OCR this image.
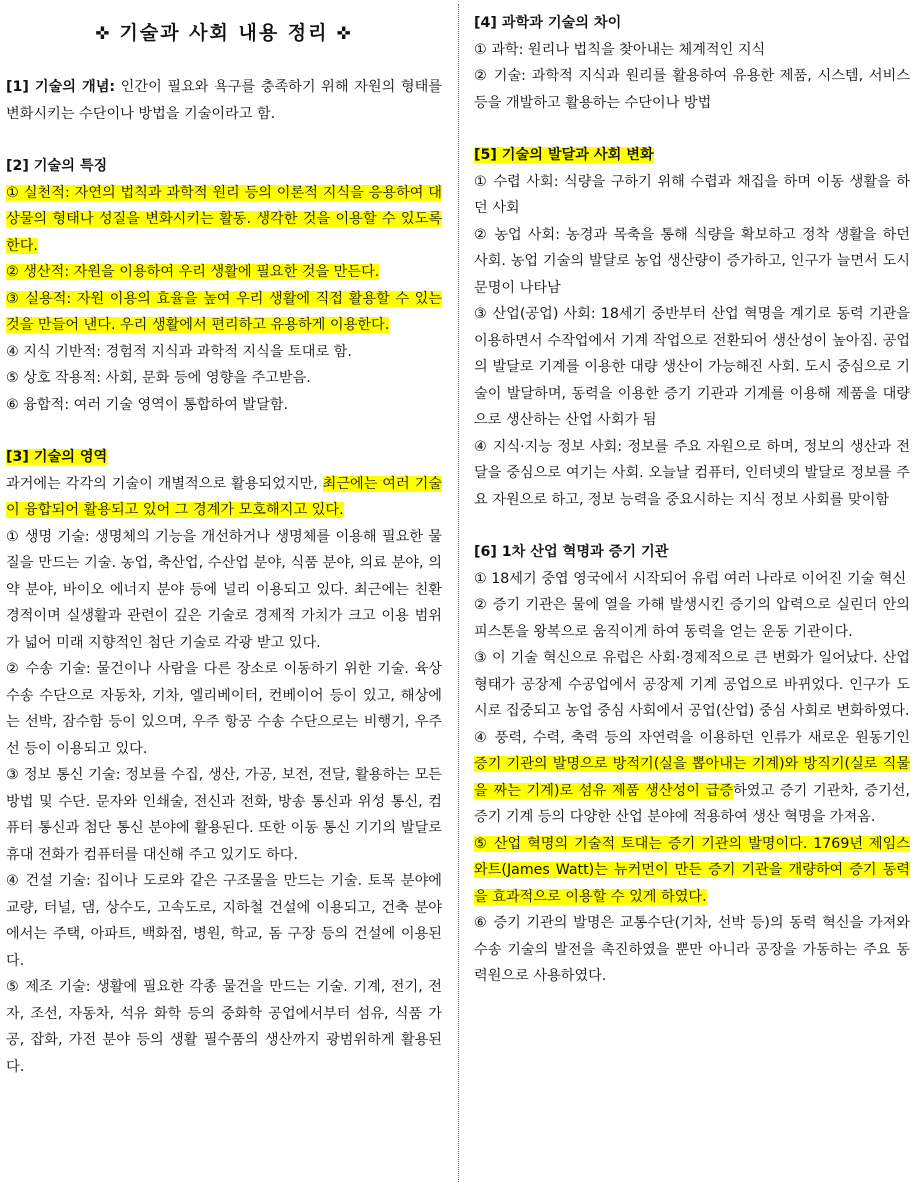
✜ 기술과 사회 내용 정리 ✜

[1] 기술의 개념: 인간이 필요와 욕구를 충족하기 위해 자원의 형태를 변화시키는 수단이나 방법을 기술이라고 함.

[2] 기술의 특징

① 실천적: 자연의 법칙과 과학적 원리 등의 이론적 지식을 응용하여 대상물의 형태나 성질을 변화시키는 활동. 생각한 것을 이용할 수 있도록 한다.

② 생산적: 자원을 이용하여 우리 생활에 필요한 것을 만든다.

③ 실용적: 자원 이용의 효율을 높여 우리 생활에 직접 활용할 수 있는 것을 만들어 낸다. 우리 생활에서 편리하고 유용하게 이용한다.

④ 지식 기반적: 경험적 지식과 과학적 지식을 토대로 함.

⑤ 상호 작용적: 사회, 문화 등에 영향을 주고받음.

⑥ 융합적: 여러 기술 영역이 통합하여 발달함.

[3] 기술의 영역

과거에는 각각의 기술이 개별적으로 활용되었지만, 최근에는 여러 기술이 융합되어 활용되고 있어 그 경계가 모호해지고 있다.

① 생명 기술: 생명체의 기능을 개선하거나 생명체를 이용해 필요한 물질을 만드는 기술. 농업, 축산업, 수산업 분야, 식품 분야, 의료 분야, 의약 분야, 바이오 에너지 분야 등에 널리 이용되고 있다. 최근에는 친환경적이며 실생활과 관련이 깊은 기술로 경제적 가치가 크고 이용 범위가 넓어 미래 지향적인 첨단 기술로 각광 받고 있다.

② 수송 기술: 물건이나 사람을 다른 장소로 이동하기 위한 기술. 육상 수송 수단으로 자동차, 기차, 엘리베이터, 컨베이어 등이 있고, 해상에는 선박, 잠수함 등이 있으며, 우주 항공 수송 수단으로는 비행기, 우주선 등이 이용되고 있다.

③ 정보 통신 기술: 정보를 수집, 생산, 가공, 보전, 전달, 활용하는 모든 방법 및 수단. 문자와 인쇄술, 전신과 전화, 방송 통신과 위성 통신, 컴퓨터 통신과 첨단 통신 분야에 활용된다. 또한 이동 통신 기기의 발달로 휴대 전화가 컴퓨터를 대신해 주고 있기도 하다.

④ 건설 기술: 집이나 도로와 같은 구조물을 만드는 기술. 토목 분야에 교량, 터널, 댐, 상수도, 고속도로, 지하철 건설에 이용되고, 건축 분야에서는 주택, 아파트, 백화점, 병원, 학교, 돔 구장 등의 건설에 이용된다.

⑤ 제조 기술: 생활에 필요한 각종 물건을 만드는 기술. 기계, 전기, 전자, 조선, 자동차, 석유 화학 등의 중화학 공업에서부터 섬유, 식품 가공, 잡화, 가전 분야 등의 생활 필수품의 생산까지 광범위하게 활용된다.

[4] 과학과 기술의 차이

① 과학: 원리나 법칙을 찾아내는 체계적인 지식

② 기술: 과학적 지식과 원리를 활용하여 유용한 제품, 시스템, 서비스 등을 개발하고 활용하는 수단이나 방법

[5] 기술의 발달과 사회 변화

① 수렵 사회: 식량을 구하기 위해 수렵과 채집을 하며 이동 생활을 하던 사회

② 농업 사회: 농경과 목축을 통해 식량을 확보하고 정착 생활을 하던 사회. 농업 기술의 발달로 농업 생산량이 증가하고, 인구가 늘면서 도시 문명이 나타남

③ 산업(공업) 사회: 18세기 중반부터 산업 혁명을 계기로 동력 기관을 이용하면서 수작업에서 기계 작업으로 전환되어 생산성이 높아짐. 공업의 발달로 기계를 이용한 대량 생산이 가능해진 사회. 도시 중심으로 기술이 발달하며, 동력을 이용한 증기 기관과 기계를 이용해 제품을 대량으로 생산하는 산업 사회가 됨

④ 지식·지능 정보 사회: 정보를 주요 자원으로 하며, 정보의 생산과 전달을 중심으로 여기는 사회. 오늘날 컴퓨터, 인터넷의 발달로 정보를 주요 자원으로 하고, 정보 능력을 중요시하는 지식 정보 사회를 맞이함

[6] 1차 산업 혁명과 증기 기관

① 18세기 중엽 영국에서 시작되어 유럽 여러 나라로 이어진 기술 혁신

② 증기 기관은 물에 열을 가해 발생시킨 증기의 압력으로 실린더 안의 피스톤을 왕복으로 움직이게 하여 동력을 얻는 운동 기관이다.

③ 이 기술 혁신으로 유럽은 사회·경제적으로 큰 변화가 일어났다. 산업 형태가 공장제 수공업에서 공장제 기계 공업으로 바뀌었다. 인구가 도시로 집중되고 농업 중심 사회에서 공업(산업) 중심 사회로 변화하였다.

④ 풍력, 수력, 축력 등의 자연력을 이용하던 인류가 새로운 원동기인 증기 기관의 발명으로 방적기(실을 뽑아내는 기계)와 방직기(실로 직물을 짜는 기계)로 섬유 제품 생산성이 급증하였고 증기 기관차, 증기선, 증기 기계 등의 다양한 산업 분야에 적용하여 생산 혁명을 가져옴.

⑤ 산업 혁명의 기술적 토대는 증기 기관의 발명이다. 1769년 제임스 와트(James Watt)는 뉴커먼이 만든 증기 기관을 개량하여 증기 동력을 효과적으로 이용할 수 있게 하였다.

⑥ 증기 기관의 발명은 교통수단(기차, 선박 등)의 동력 혁신을 가져와 수송 기술의 발전을 촉진하였을 뿐만 아니라 공장을 가동하는 주요 동력원으로 사용하였다.
